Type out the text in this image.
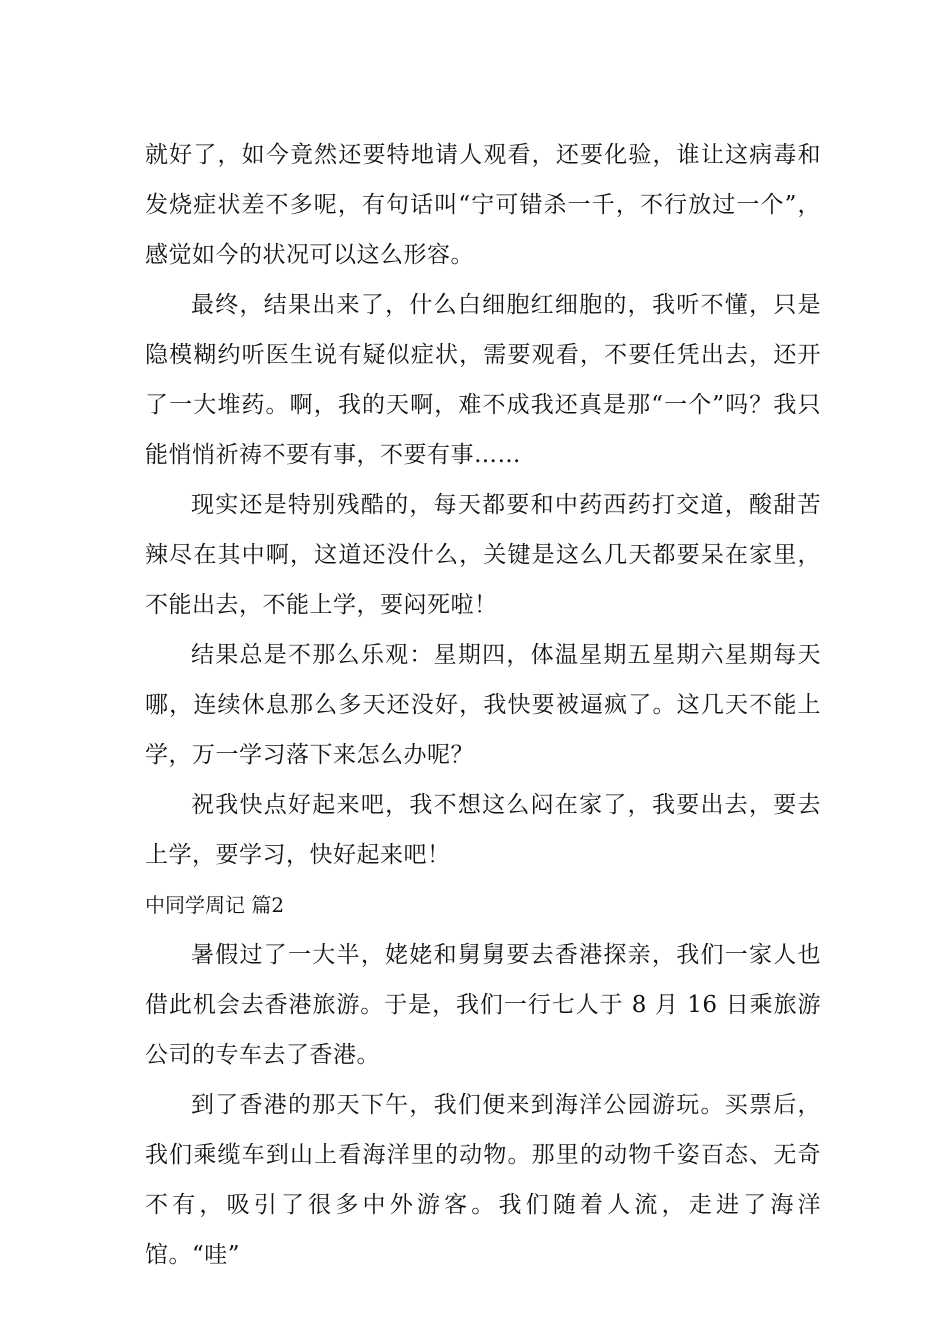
就好了，如今竟然还要特地请人观看，还要化验，谁让这病毒和发烧症状差不多呢，有句话叫“宁可错杀一千，不行放过一个”，感觉如今的状况可以这么形容。

最终，结果出来了，什么白细胞红细胞的，我听不懂，只是隐模糊约听医生说有疑似症状，需要观看，不要任凭出去，还开了一大堆药。啊，我的天啊，难不成我还真是那“一个”吗？我只能悄悄祈祷不要有事，不要有事……

现实还是特别残酷的，每天都要和中药西药打交道，酸甜苦辣尽在其中啊，这道还没什么，关键是这么几天都要呆在家里，不能出去，不能上学，要闷死啦！

结果总是不那么乐观：星期四，体温星期五星期六星期每天哪，连续休息那么多天还没好，我快要被逼疯了。这几天不能上学，万一学习落下来怎么办呢？

祝我快点好起来吧，我不想这么闷在家了，我要出去，要去上学，要学习，快好起来吧！

中同学周记 篇2

暑假过了一大半，姥姥和舅舅要去香港探亲，我们一家人也借此机会去香港旅游。于是，我们一行七人于 8 月 16 日乘旅游公司的专车去了香港。

到了香港的那天下午，我们便来到海洋公园游玩。买票后，我们乘缆车到山上看海洋里的动物。那里的动物千姿百态、无奇不有，吸引了很多中外游客。我们随着人流，走进了海洋馆。“哇”
